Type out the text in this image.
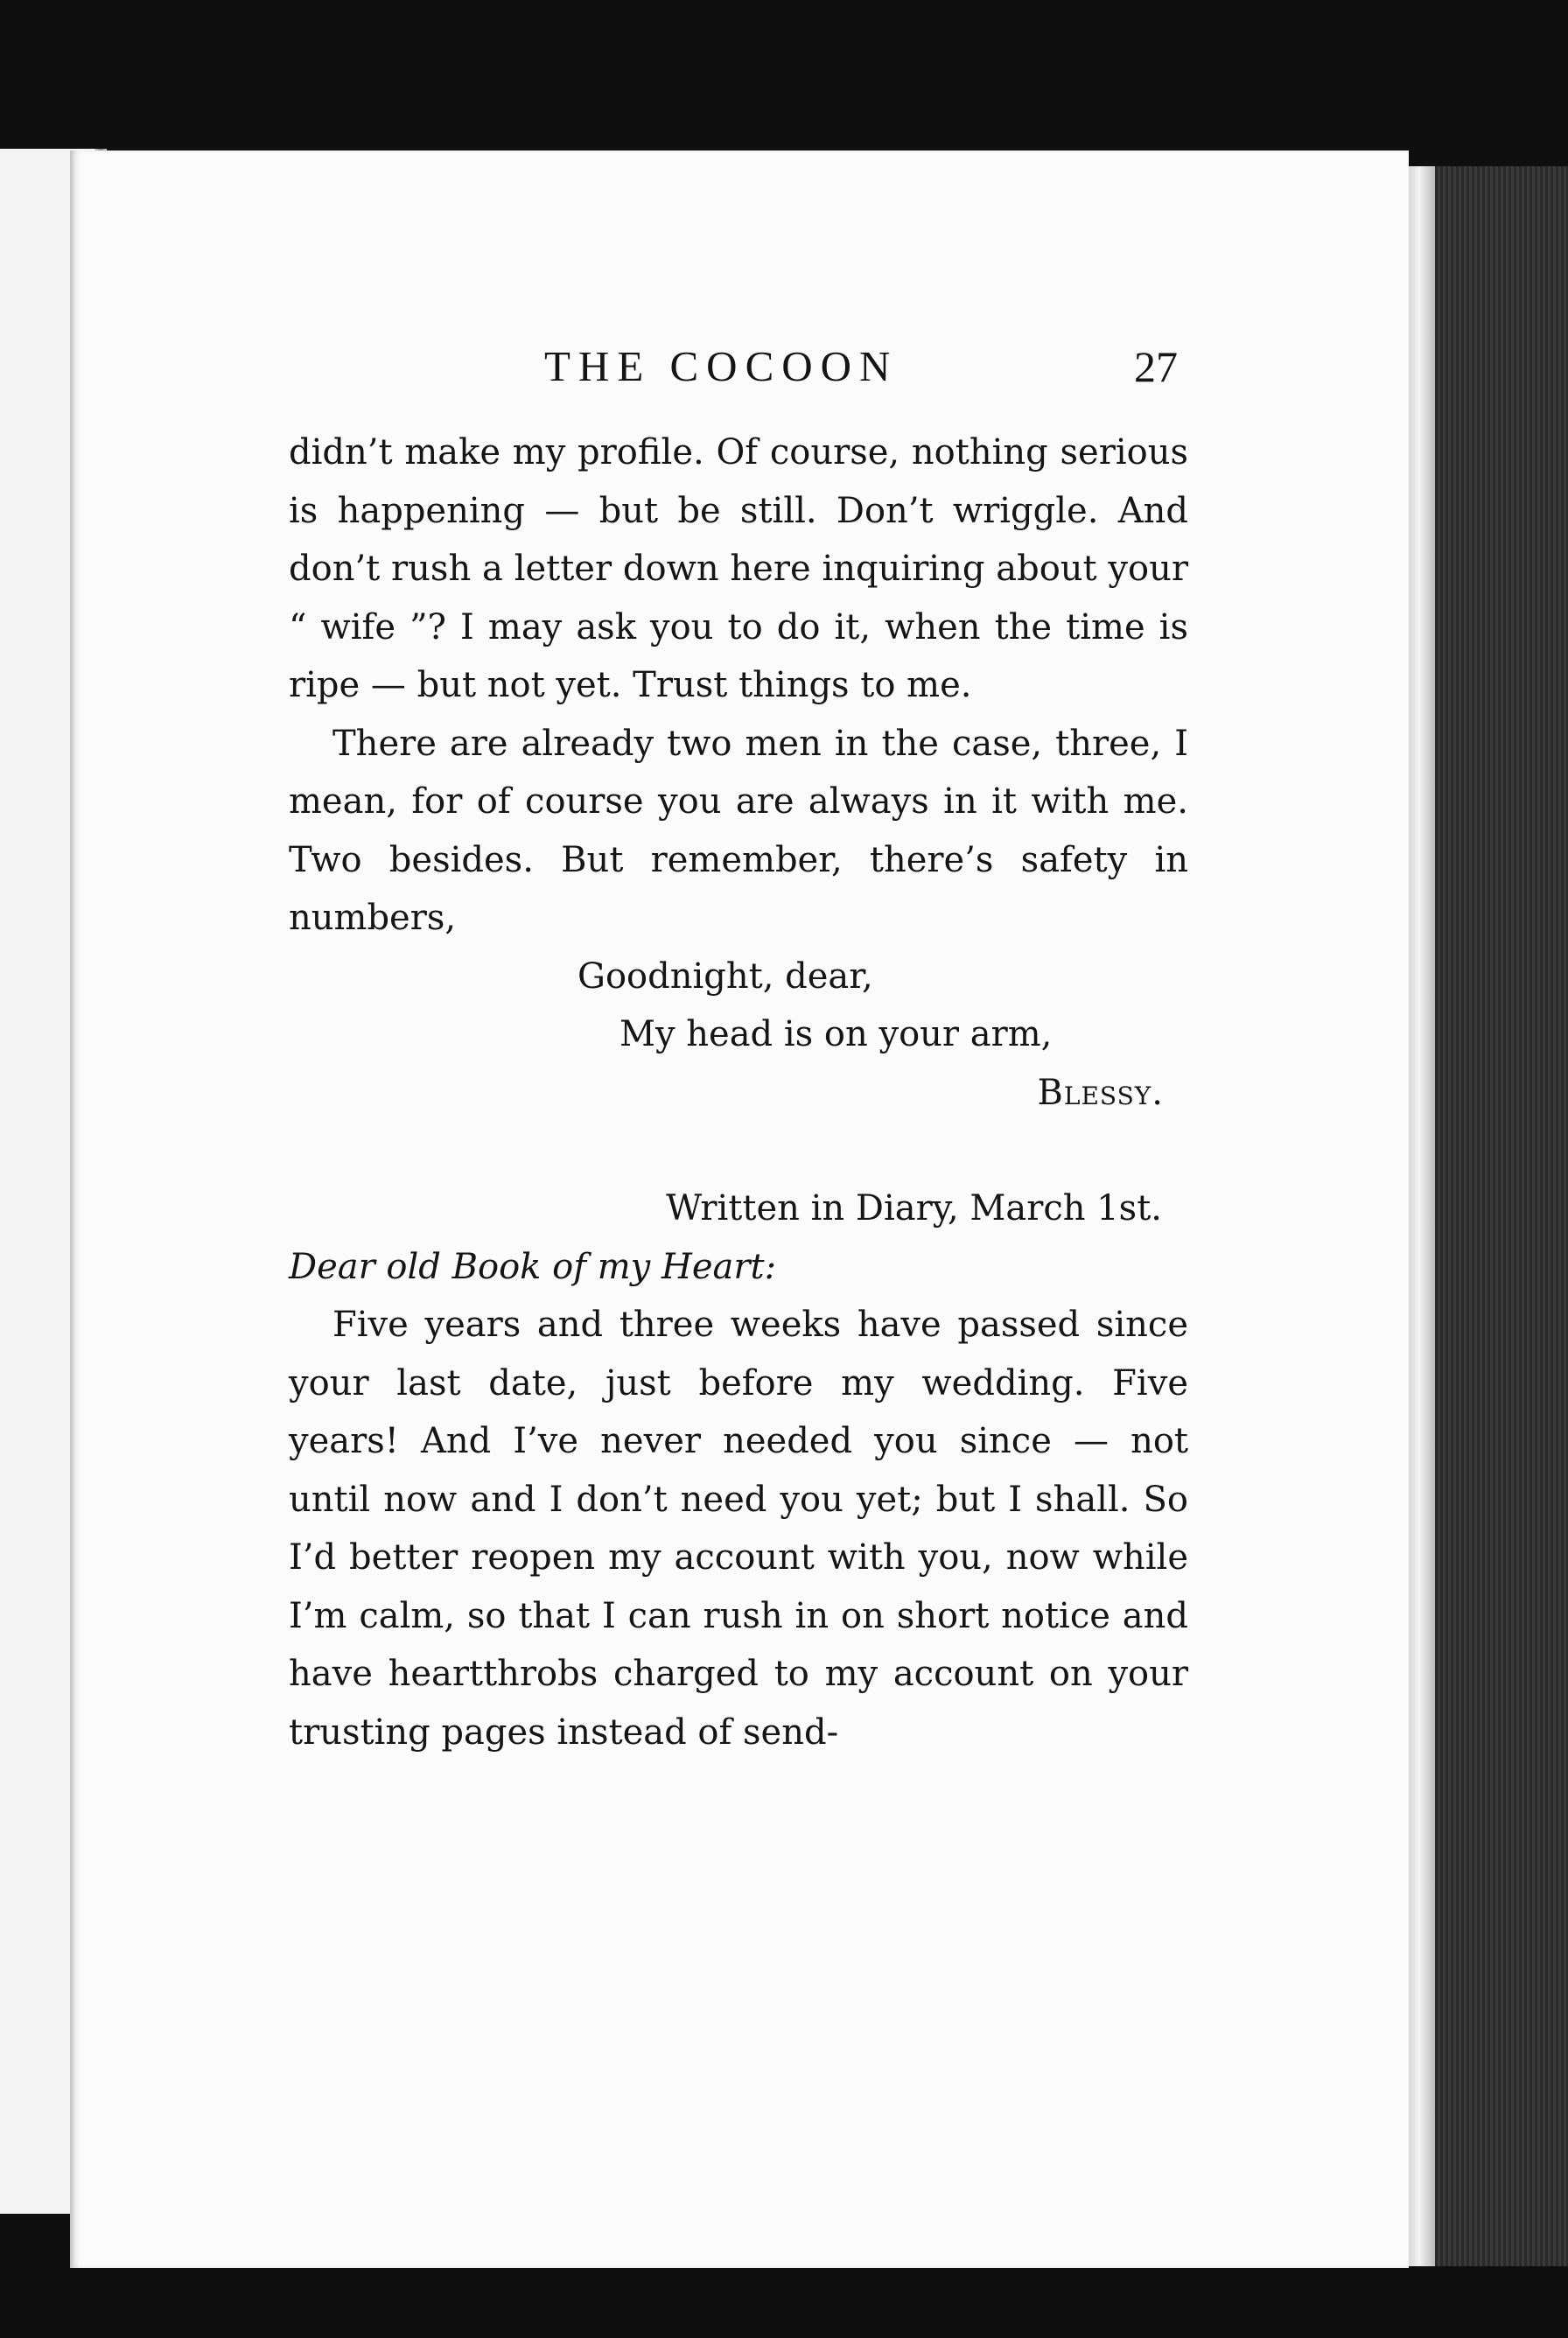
THE COCOON	27

didn’t make my profile. Of course, nothing serious is happening — but be still. Don’t wriggle. And don’t rush a letter down here inquiring about your “ wife ”? I may ask you to do it, when the time is ripe — but not yet. Trust things to me.

There are already two men in the case, three, I mean, for of course you are always in it with me. Two besides. But remember, there’s safety in numbers,

Goodnight, dear,

My head is on your arm,

Blessy.

Written in Diary, March 1st.

Dear old Book of my Heart:

Five years and three weeks have passed since your last date, just before my wedding. Five years! And I’ve never needed you since — not until now and I don’t need you yet; but I shall. So I’d better reopen my account with you, now while I’m calm, so that I can rush in on short notice and have heartthrobs charged to my account on your trusting pages instead of send-
